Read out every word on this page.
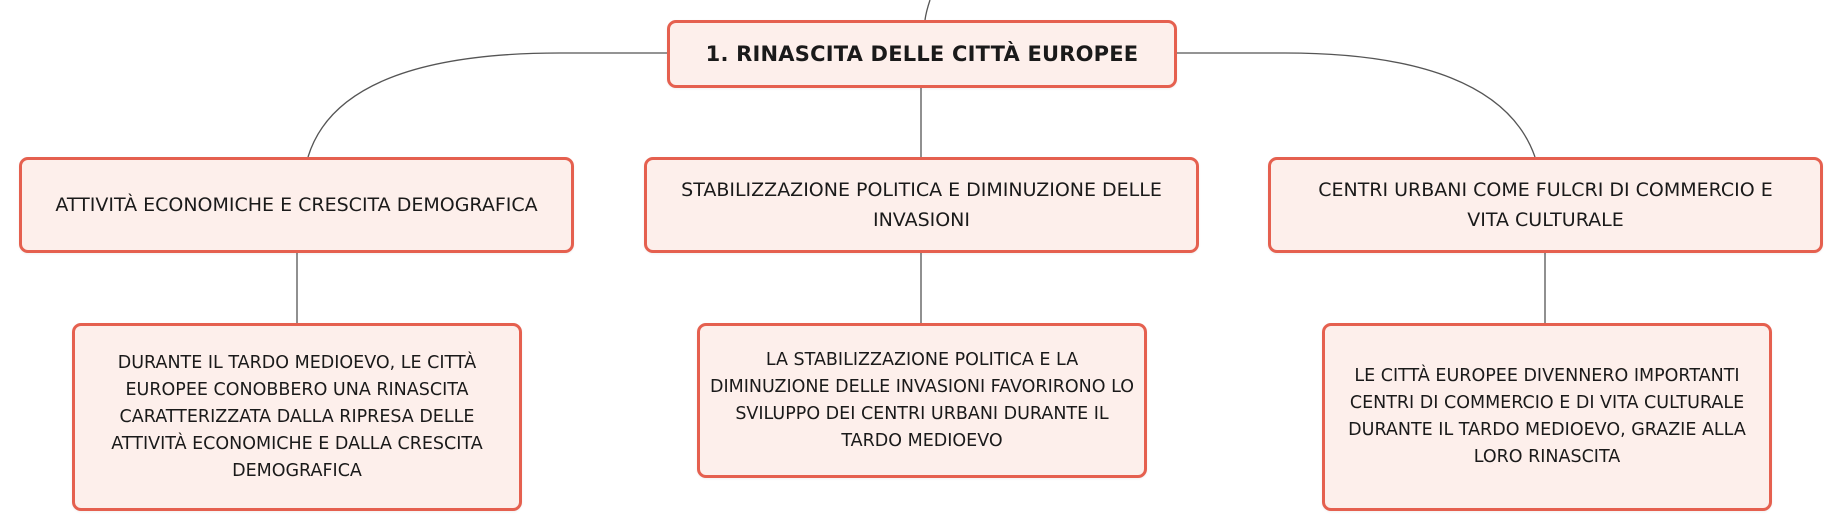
1. RINASCITA DELLE CITTÀ EUROPEE
ATTIVITÀ ECONOMICHE E CRESCITA DEMOGRAFICA
STABILIZZAZIONE POLITICA E DIMINUZIONE DELLE INVASIONI
CENTRI URBANI COME FULCRI DI COMMERCIO E VITA CULTURALE
DURANTE IL TARDO MEDIOEVO, LE CITTÀ EUROPEE CONOBBERO UNA RINASCITA CARATTERIZZATA DALLA RIPRESA DELLE ATTIVITÀ ECONOMICHE E DALLA CRESCITA DEMOGRAFICA
LA STABILIZZAZIONE POLITICA E LA DIMINUZIONE DELLE INVASIONI FAVORIRONO LO SVILUPPO DEI CENTRI URBANI DURANTE IL TARDO MEDIOEVO
LE CITTÀ EUROPEE DIVENNERO IMPORTANTI CENTRI DI COMMERCIO E DI VITA CULTURALE DURANTE IL TARDO MEDIOEVO, GRAZIE ALLA LORO RINASCITA
